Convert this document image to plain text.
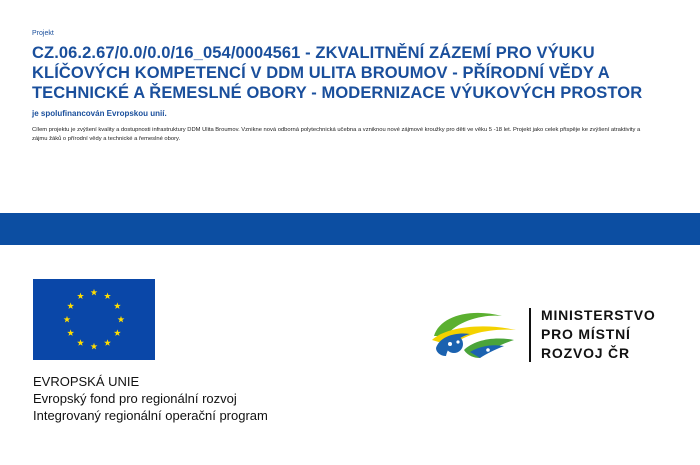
Projekt
CZ.06.2.67/0.0/0.0/16_054/0004561 - ZKVALITNĚNÍ ZÁZEMÍ PRO VÝUKU KLÍČOVÝCH KOMPETENCÍ V DDM ULITA BROUMOV - PŘÍRODNÍ VĚDY A TECHNICKÉ A ŘEMESLNÉ OBORY - MODERNIZACE VÝUKOVÝCH PROSTOR
je spolufinancován Evropskou unií.
Cílem projektu je zvýšení kvality a dostupnosti infrastruktury DDM Ulita Broumov. Vznikne nová odborná polytechnická učebna a vzniknou nové zájmové kroužky pro děti ve věku 5 -18 let. Projekt jako celek přispěje ke zvýšení atraktivity a zájmu žáků o přírodní vědy a technické a řemeslné obory.
EVROPSKÁ UNIE
Evropský fond pro regionální rozvoj
Integrovaný regionální operační program
MINISTERSTVO
PRO MÍSTNÍ
ROZVOJ ČR
